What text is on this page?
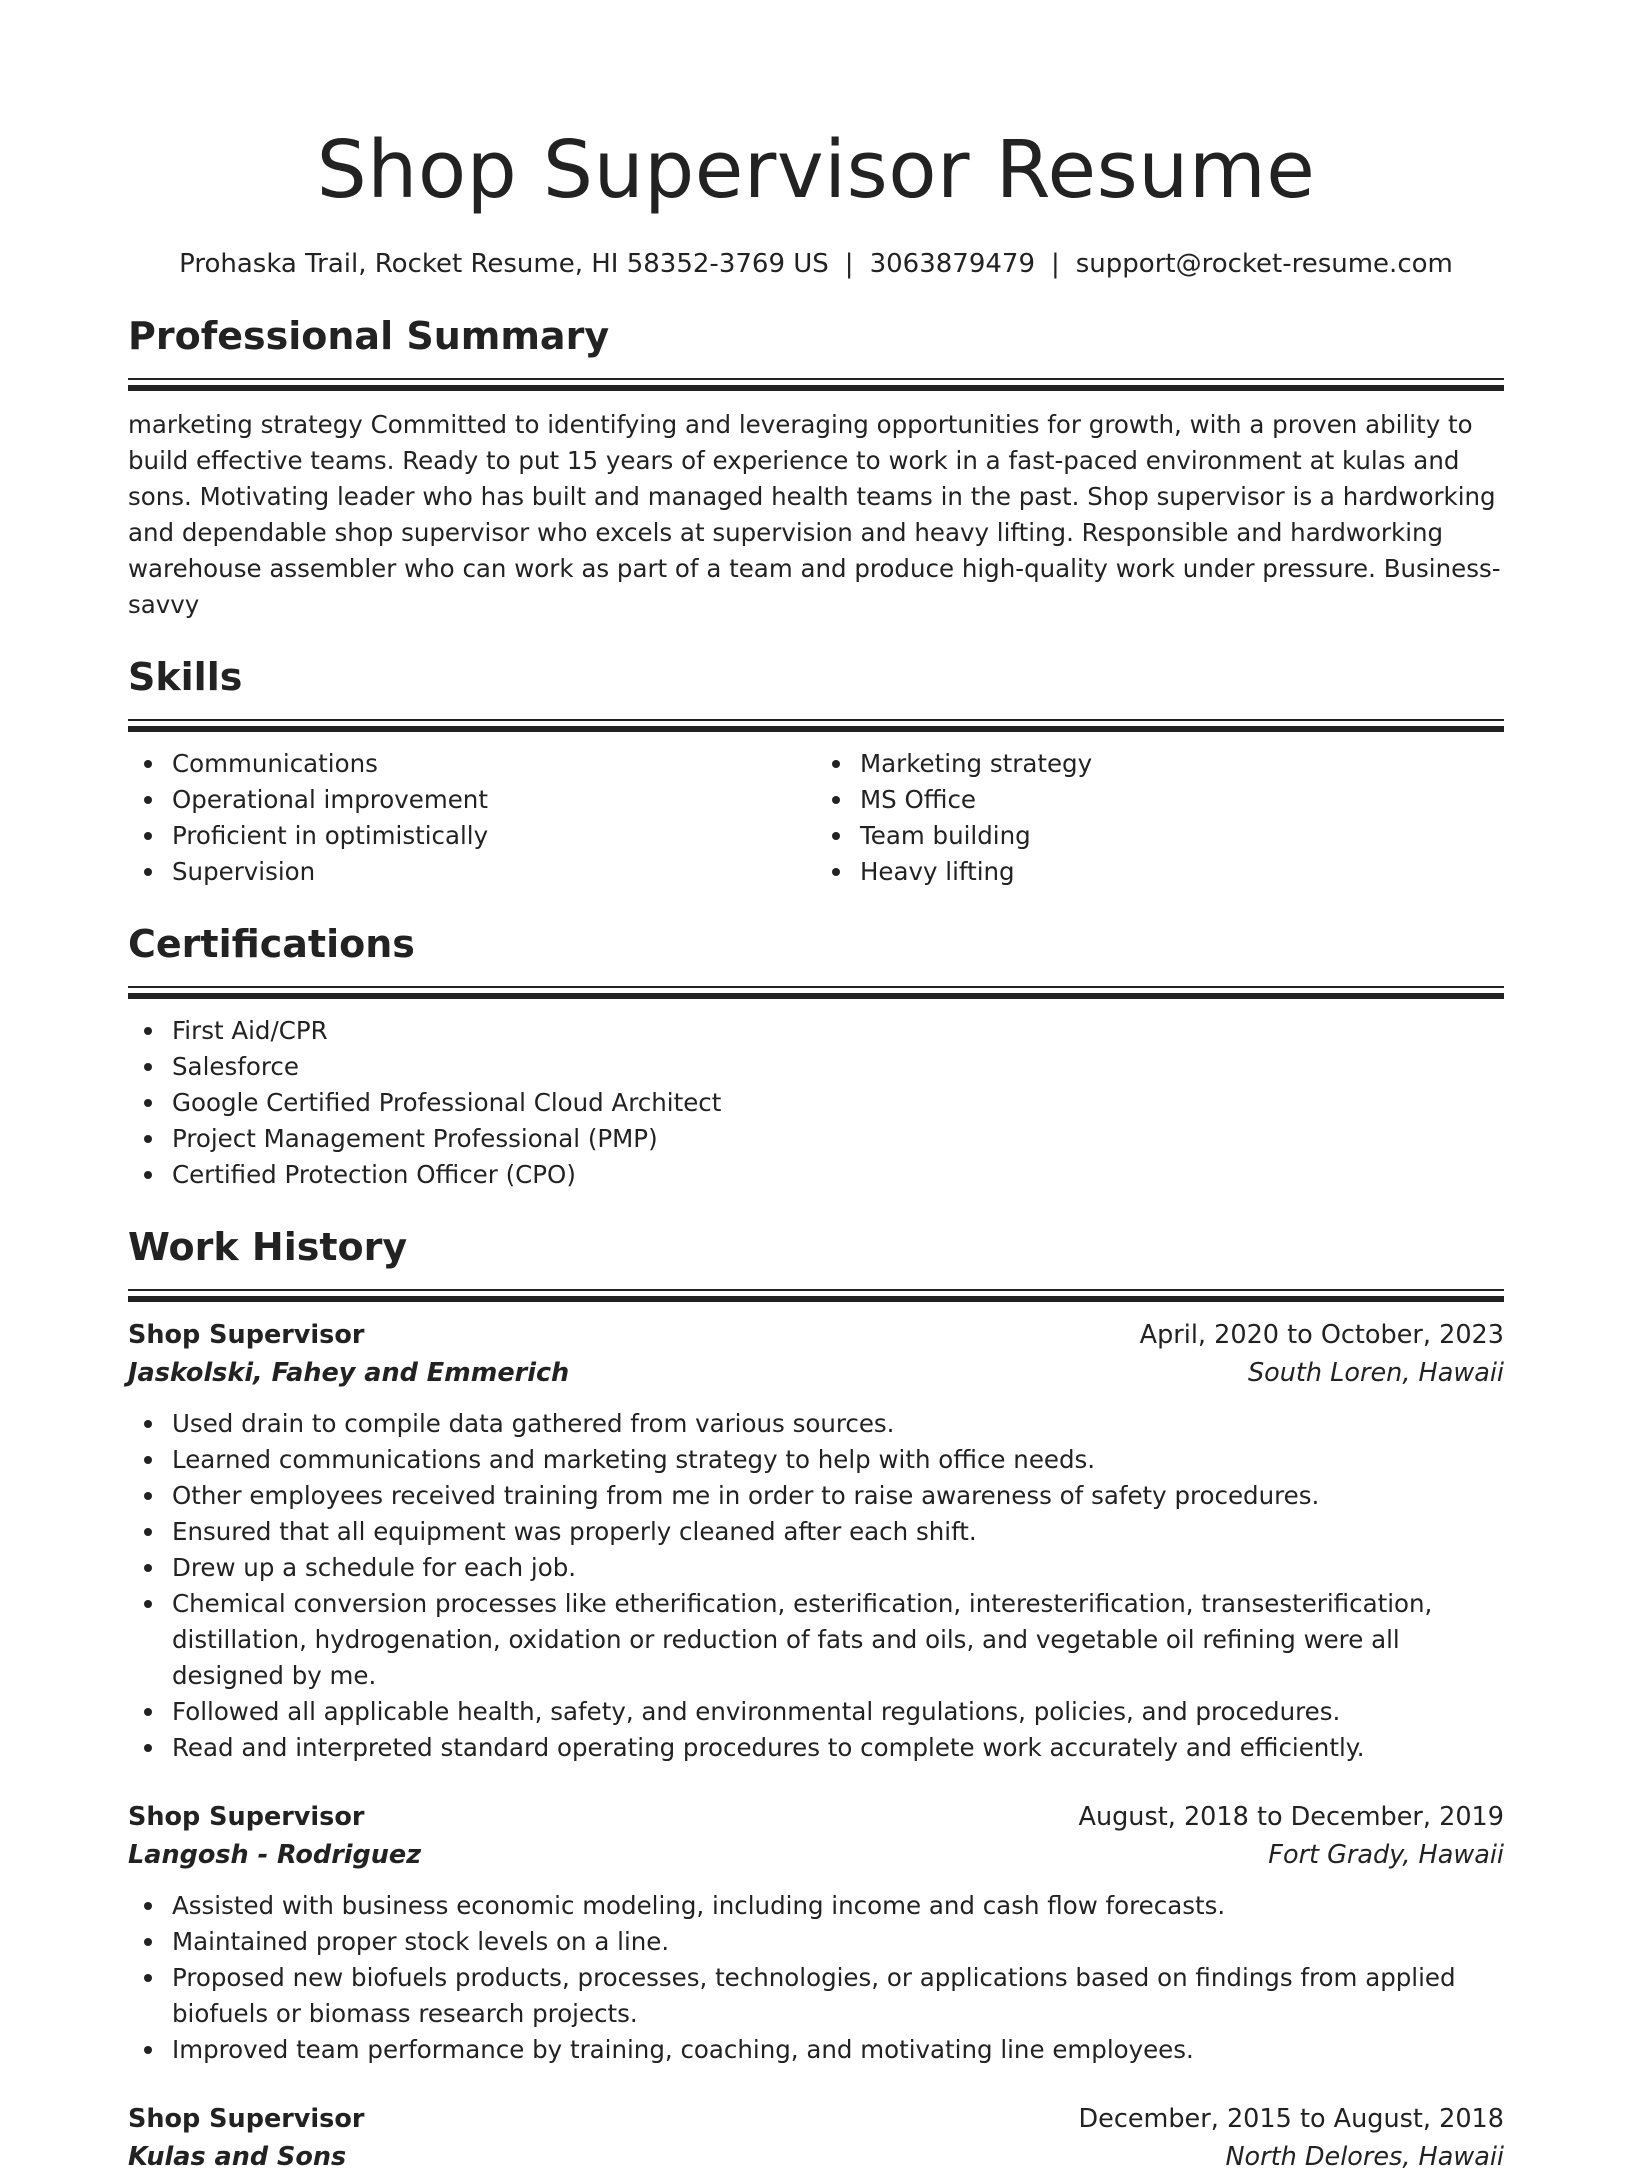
Shop Supervisor Resume
Prohaska Trail, Rocket Resume, HI 58352-3769 US | 3063879479 | support@rocket-resume.com
Professional Summary

marketing strategy Committed to identifying and leveraging opportunities for growth, with a proven ability to build effective teams. Ready to put 15 years of experience to work in a fast-paced environment at kulas and sons. Motivating leader who has built and managed health teams in the past. Shop supervisor is a hardworking and dependable shop supervisor who excels at supervision and heavy lifting. Responsible and hardworking warehouse assembler who can work as part of a team and produce high-quality work under pressure. Business-savvy

Skills
Communications
Operational improvement
Proficient in optimistically
Supervision
Marketing strategy
MS Office
Team building
Heavy lifting
Certifications
First Aid/CPR
Salesforce
Google Certified Professional Cloud Architect
Project Management Professional (PMP)
Certified Protection Officer (CPO)
Work History
Shop Supervisor	April, 2020 to October, 2023
Jaskolski, Fahey and Emmerich	South Loren, Hawaii
Used drain to compile data gathered from various sources.
Learned communications and marketing strategy to help with office needs.
Other employees received training from me in order to raise awareness of safety procedures.
Ensured that all equipment was properly cleaned after each shift.
Drew up a schedule for each job.
Chemical conversion processes like etherification, esterification, interesterification, transesterification, distillation, hydrogenation, oxidation or reduction of fats and oils, and vegetable oil refining were all designed by me.
Followed all applicable health, safety, and environmental regulations, policies, and procedures.
Read and interpreted standard operating procedures to complete work accurately and efficiently.
Shop Supervisor	August, 2018 to December, 2019
Langosh - Rodriguez	Fort Grady, Hawaii
Assisted with business economic modeling, including income and cash flow forecasts.
Maintained proper stock levels on a line.
Proposed new biofuels products, processes, technologies, or applications based on findings from applied biofuels or biomass research projects.
Improved team performance by training, coaching, and motivating line employees.
Shop Supervisor	December, 2015 to August, 2018
Kulas and Sons	North Delores, Hawaii
